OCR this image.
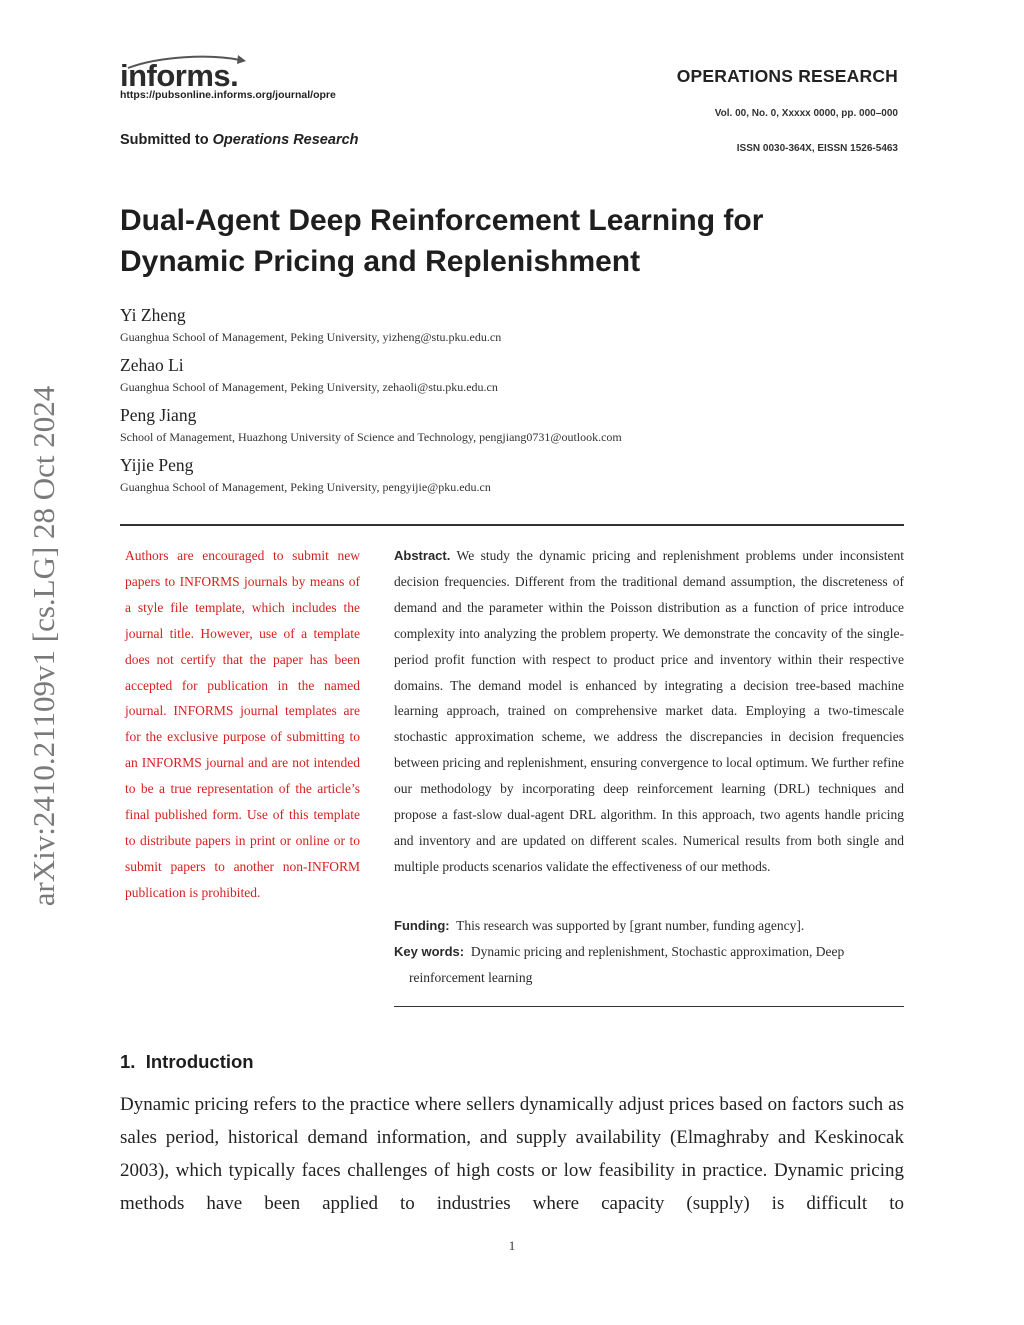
informs.
https://pubsonline.informs.org/journal/opre
OPERATIONS RESEARCH
Vol. 00, No. 0, Xxxxx 0000, pp. 000–000
ISSN 0030-364X, EISSN 1526-5463
Submitted to Operations Research
arXiv:2410.21109v1 [cs.LG] 28 Oct 2024
Dual-Agent Deep Reinforcement Learning for
Dynamic Pricing and Replenishment
Yi Zheng
Guanghua School of Management, Peking University, yizheng@stu.pku.edu.cn
Zehao Li
Guanghua School of Management, Peking University, zehaoli@stu.pku.edu.cn
Peng Jiang
School of Management, Huazhong University of Science and Technology, pengjiang0731@outlook.com
Yijie Peng
Guanghua School of Management, Peking University, pengyijie@pku.edu.cn
Authors are encouraged to submit new papers to INFORMS journals by means of a style file template, which includes the journal title. However, use of a template does not certify that the paper has been accepted for publication in the named journal. INFORMS journal templates are for the exclusive purpose of submitting to an INFORMS journal and are not intended to be a true representation of the article’s final published form. Use of this template to distribute papers in print or online or to submit papers to another non-INFORM publication is prohibited.
Abstract. We study the dynamic pricing and replenishment problems under inconsistent decision frequencies. Different from the traditional demand assumption, the discreteness of demand and the parameter within the Poisson distribution as a function of price introduce complexity into analyzing the problem property. We demonstrate the concavity of the single-period profit function with respect to product price and inventory within their respective domains. The demand model is enhanced by integrating a decision tree-based machine learning approach, trained on comprehensive market data. Employing a two-timescale stochastic approximation scheme, we address the discrepancies in decision frequencies between pricing and replenishment, ensuring convergence to local optimum. We further refine our methodology by incorporating deep reinforcement learning (DRL) techniques and propose a fast-slow dual-agent DRL algorithm. In this approach, two agents handle pricing and inventory and are updated on different scales. Numerical results from both single and multiple products scenarios validate the effectiveness of our methods.
Funding: This research was supported by [grant number, funding agency].
Key words: Dynamic pricing and replenishment, Stochastic approximation, Deep reinforcement learning
1. Introduction
Dynamic pricing refers to the practice where sellers dynamically adjust prices based on factors such as sales period, historical demand information, and supply availability (Elmaghraby and Keskinocak 2003), which typically faces challenges of high costs or low feasibility in practice. Dynamic pricing methods have been applied to industries where capacity (supply) is difficult to
1
